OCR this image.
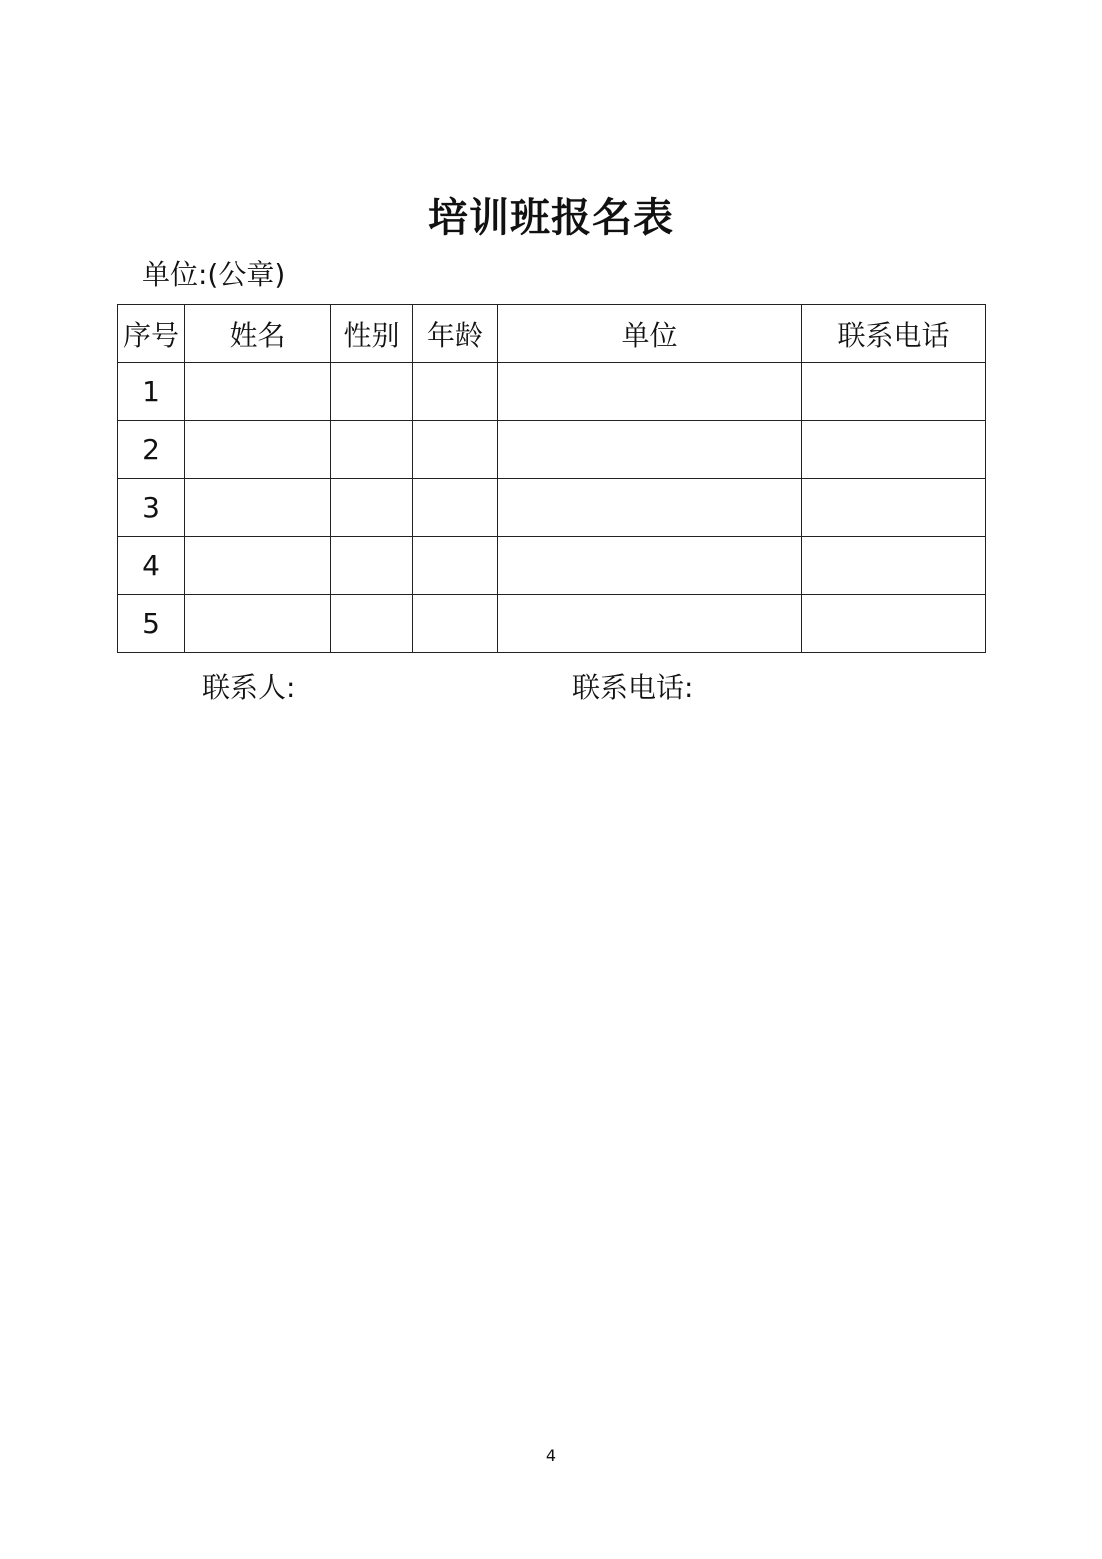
培训班报名表
单位:(公章)
序号	姓名	性别	年龄	单位	联系电话
1					
2					
3					
4					
5					
联系人:	联系电话:
4
